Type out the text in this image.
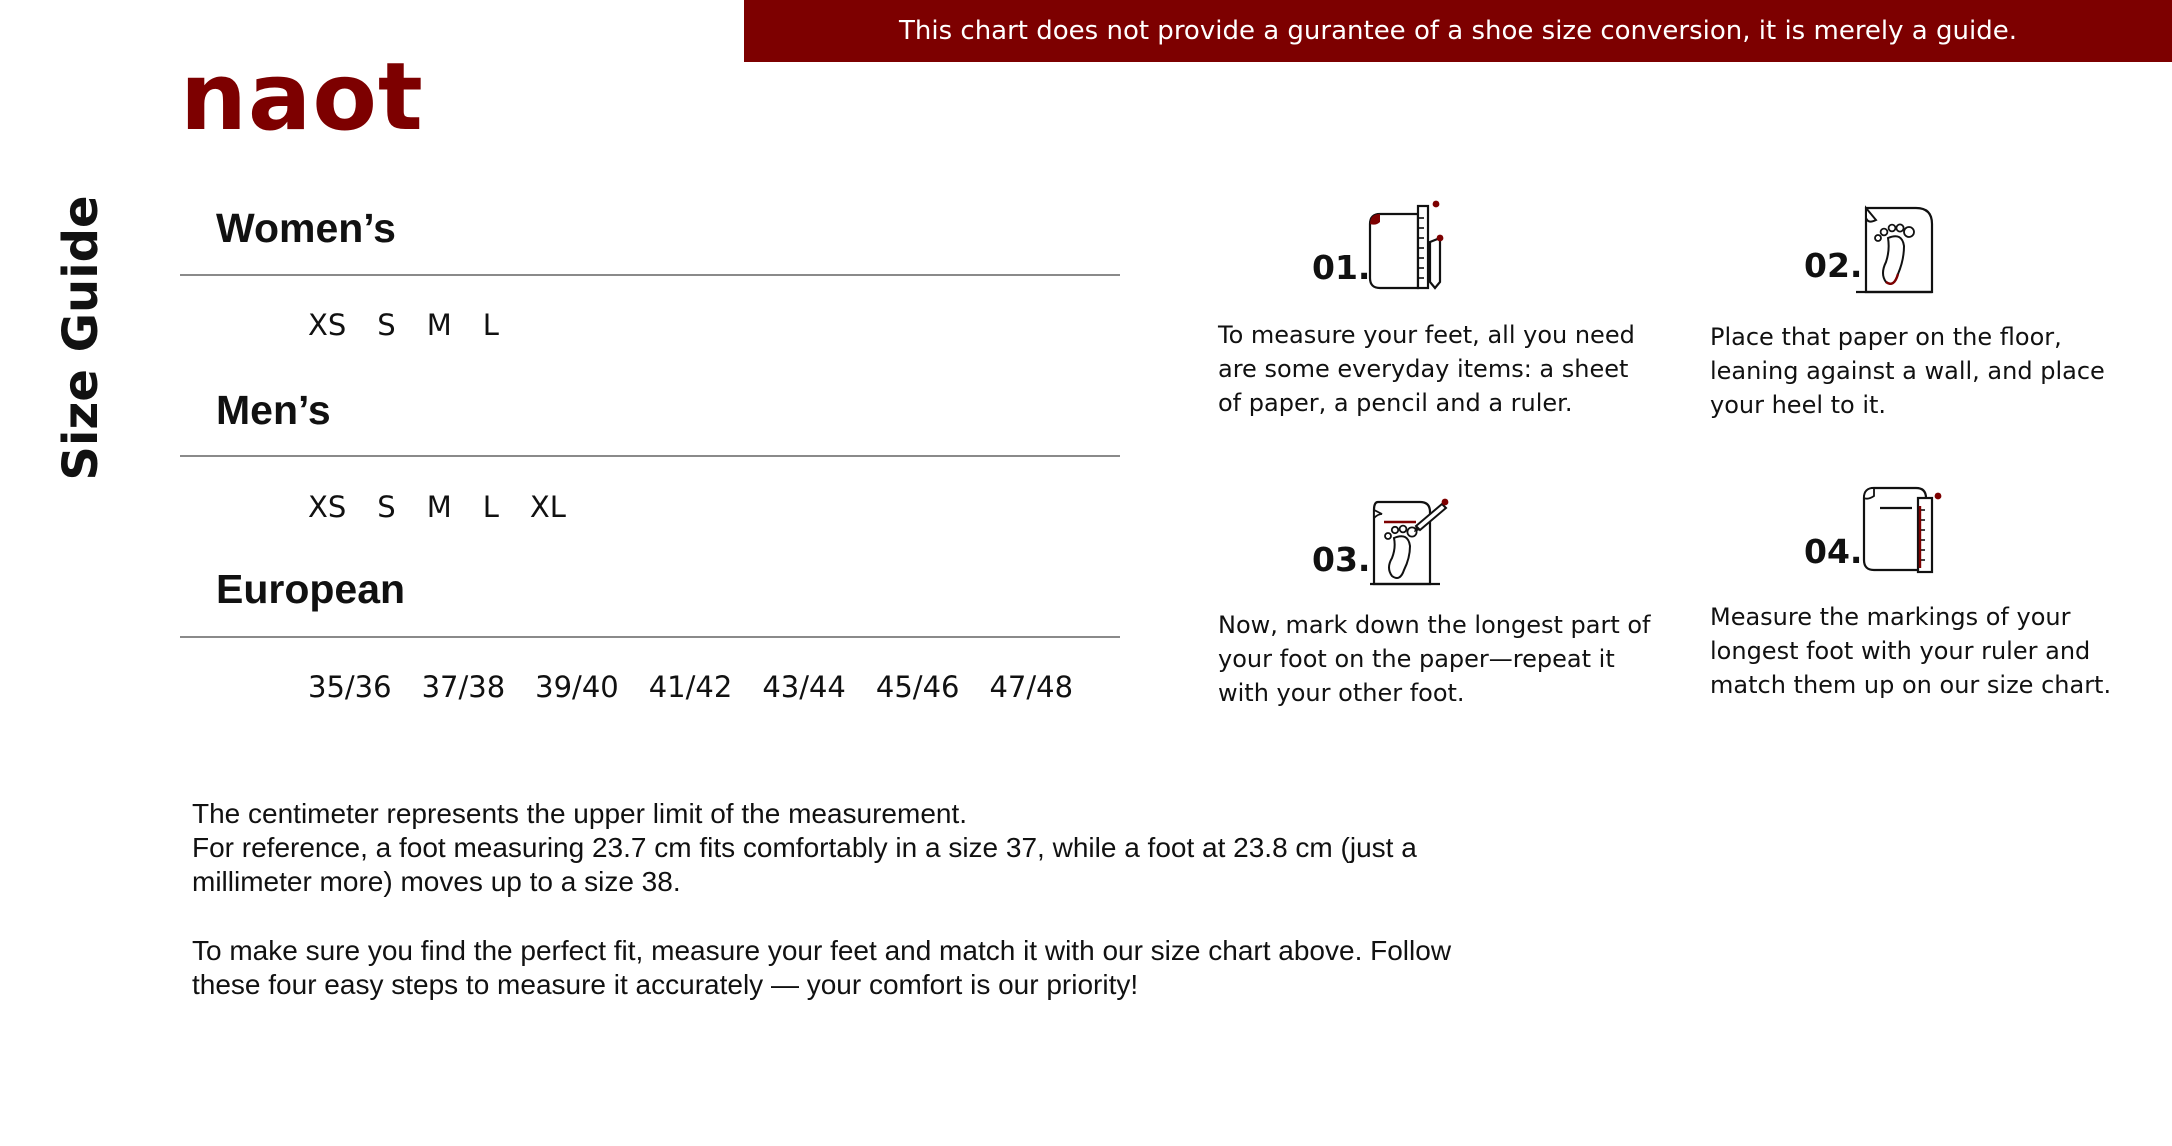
This chart does not provide a gurantee of a shoe size conversion, it is merely a guide.
naot
Size Guide	Women’s
XS S M L
Men’s
XS S M L XL
European
35/36 37/38 39/40 41/42 43/44 45/46 47/48
01.
To measure your feet, all you need are some everyday items: a sheet of paper, a pencil and a ruler.
02.
Place that paper on the floor, leaning against a wall, and place your heel to it.
03.
Now, mark down the longest part of your foot on the paper—repeat it with your other foot.
04.
Measure the markings of your longest foot with your ruler and match them up on our size chart.
The centimeter represents the upper limit of the measurement.
For reference, a foot measuring 23.7 cm fits comfortably in a size 37, while a foot at 23.8 cm (just a millimeter more) moves up to a size 38.
To make sure you find the perfect fit, measure your feet and match it with our size chart above. Follow these four easy steps to measure it accurately — your comfort is our priority!
